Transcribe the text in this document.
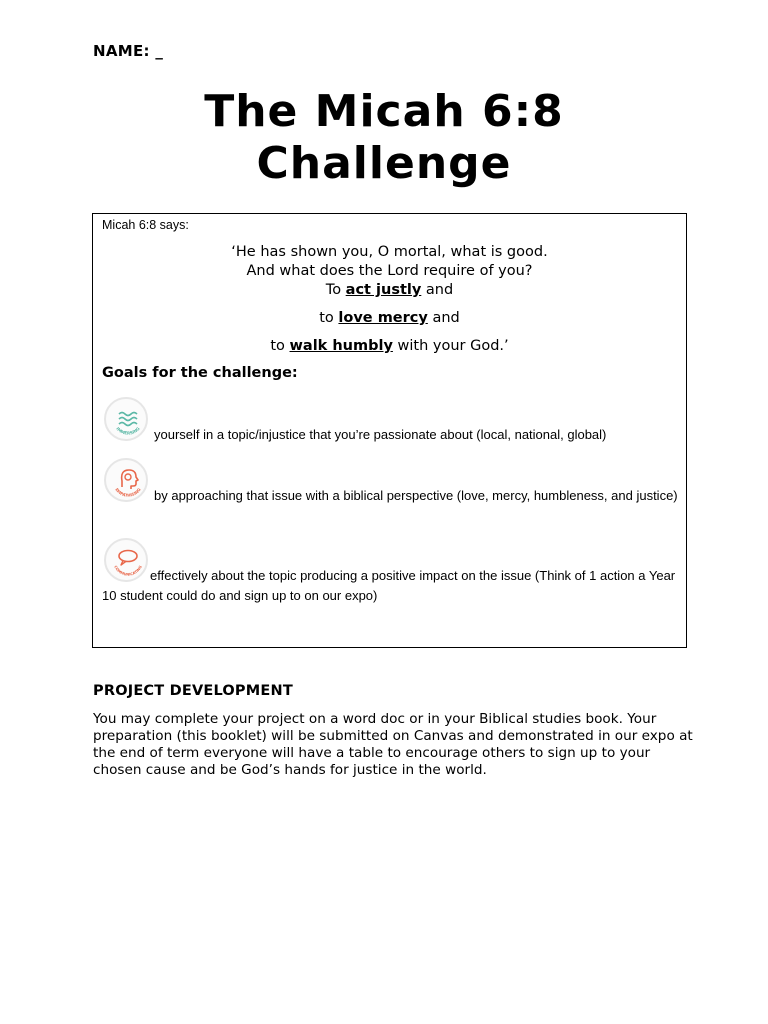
NAME: _
The Micah 6:8
Challenge
Micah 6:8 says:
‘He has shown you, O mortal, what is good.
And what does the Lord require of you?
To act justly and
to love mercy and
to walk humbly with your God.’
Goals for the challenge:
IMMERSING	yourself in a topic/injustice that you’re passionate about (local, national, global)
EMPATHISING by approaching that issue with a biblical perspective (love, mercy, humbleness, and justice)
COMMUNICATING
effectively about the topic producing a positive impact on the issue (Think of 1 action a Year 10 student could do and sign up to on our expo)
PROJECT DEVELOPMENT
You may complete your project on a word doc or in your Biblical studies book. Your preparation (this booklet) will be submitted on Canvas and demonstrated in our expo at the end of term everyone will have a table to encourage others to sign up to your chosen cause and be God’s hands for justice in the world.
